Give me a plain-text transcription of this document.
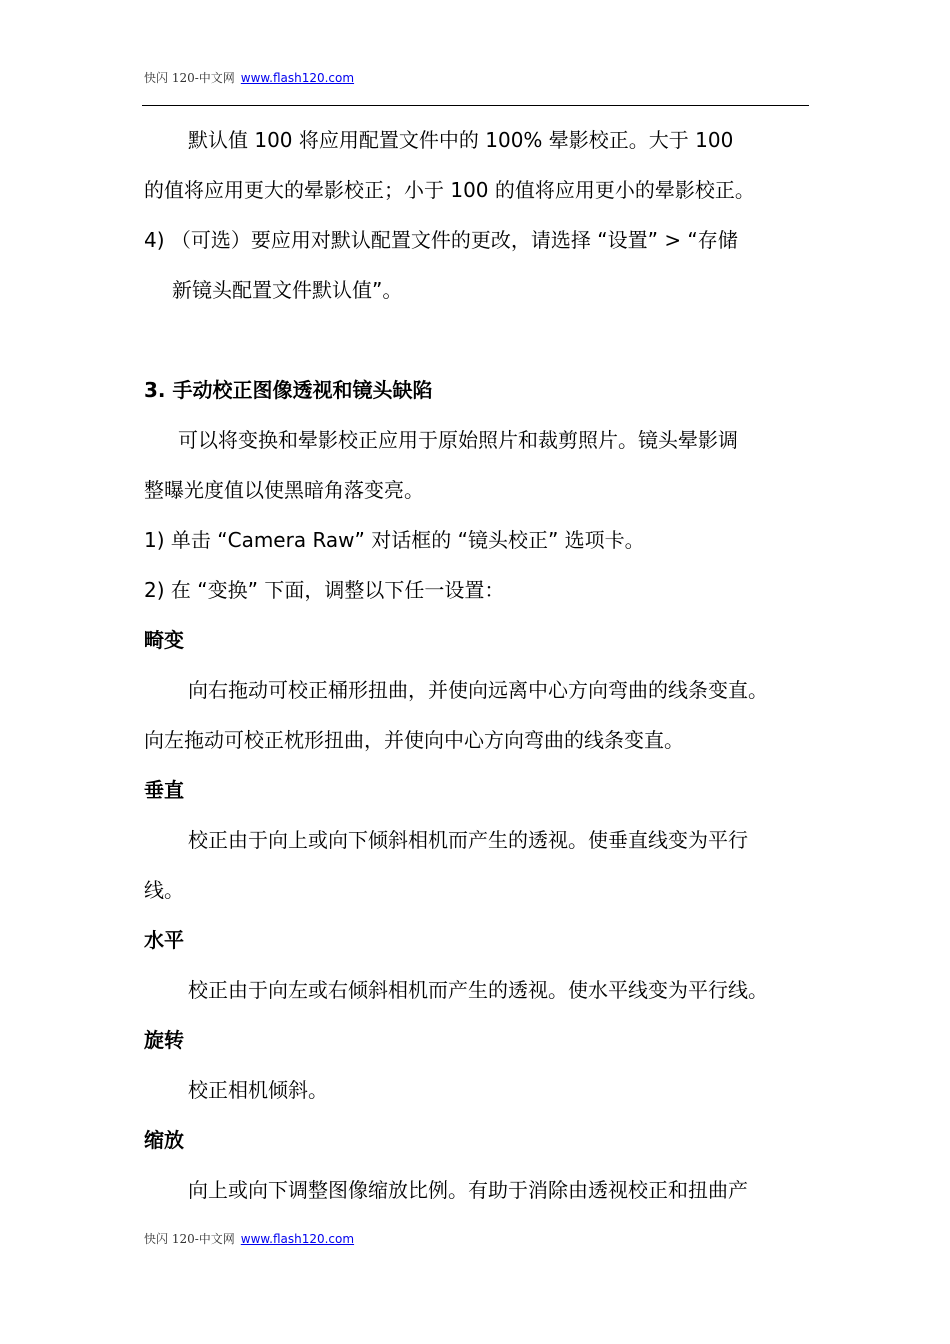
快闪 120-中文网 www.flash120.com
默认值 100 将应用配置文件中的 100% 晕影校正。大于 100
的值将应用更大的晕影校正；小于 100 的值将应用更小的晕影校正。
4) （可选）要应用对默认配置文件的更改，请选择 “设置” > “存储
新镜头配置文件默认值”。
3. 手动校正图像透视和镜头缺陷
可以将变换和晕影校正应用于原始照片和裁剪照片。镜头晕影调
整曝光度值以使黑暗角落变亮。
1) 单击 “Camera Raw” 对话框的 “镜头校正” 选项卡。
2) 在 “变换” 下面，调整以下任一设置：
畸变
向右拖动可校正桶形扭曲，并使向远离中心方向弯曲的线条变直。
向左拖动可校正枕形扭曲，并使向中心方向弯曲的线条变直。
垂直
校正由于向上或向下倾斜相机而产生的透视。使垂直线变为平行
线。
水平
校正由于向左或右倾斜相机而产生的透视。使水平线变为平行线。
旋转
校正相机倾斜。
缩放
向上或向下调整图像缩放比例。有助于消除由透视校正和扭曲产
快闪 120-中文网 www.flash120.com
